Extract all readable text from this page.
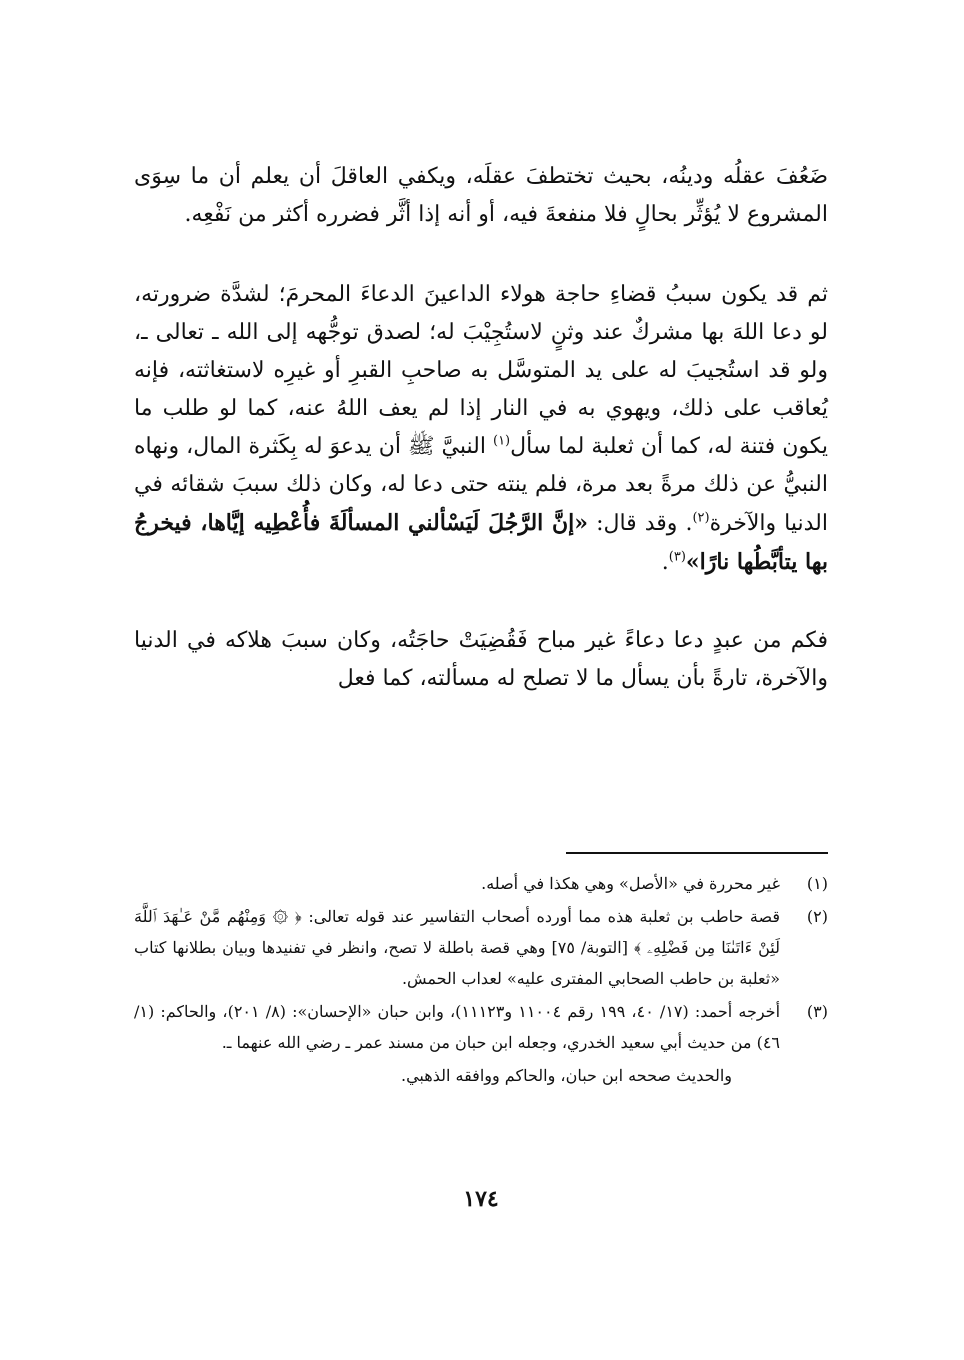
ضَعُفَ عقلُه ودينُه، بحيث تختطفَ عقلَه، ويكفي العاقلَ أن يعلم أن ما سِوَى المشروع لا يُؤثِّر بحالٍ فلا منفعةَ فيه، أو أنه إذا أثَّر فضرره أكثر من نَفْعِه.

ثم قد يكون سببُ قضاءِ حاجة هولاء الداعينَ الدعاءَ المحرمَ؛ لشدَّة ضرورته، لو دعا اللهَ بها مشركٌ عند وثنٍ لاستُجِيْبَ له؛ لصدق توجُّهه إلى الله ـ تعالى ـ، ولو قد استُجيبَ له على يد المتوسَّل به صاحبِ القبرِ أو غيرِه لاستغاثته، فإنه يُعاقب على ذلك، ويهوي به في النار إذا لم يعف اللهُ عنه، كما لو طلب ما يكون فتنة له، كما أن ثعلبة لما سأل$^{(١)}$ النبيَّ ﷺ أن يدعوَ له بِكَثرة المال، ونهاه النبيُّ عن ذلك مرةً بعد مرة، فلم ينته حتى دعا له، وكان ذلك سببَ شقائه في الدنيا والآخرة$^{(٢)}$. وقد قال: «إنَّ الرَّجُلَ لَيَسْألني المسألَةَ فأُعْطِيه إيَّاها، فيخرجُ بها يتأبَّطُها نارًا»$^{(٣)}$.

فكم من عبدٍ دعا دعاءً غير مباح فَقُضِيَتْ حاجَتُه، وكان سببَ هلاكه في الدنيا والآخرة، تارةً بأن يسأل ما لا تصلح له مسألته، كما فعل

(١)
غير محررة في «الأصل» وهي هكذا في أصله.
(٢)
قصة حاطب بن ثعلبة هذه مما أورده أصحاب التفاسير عند قوله تعالى: ﴿ ۞ وَمِنْهُم مَّنْ عَـٰهَدَ ٱللَّهَ لَئِنْ ءَاتَىٰنَا مِن فَضْلِهِۦ ﴾ [التوبة/ ٧٥] وهي قصة باطلة لا تصح، وانظر في تفنيدها وبيان بطلانها كتاب «ثعلبة بن حاطب الصحابي المفترى عليه» لعداب الحمش.
(٣)
أخرجه أحمد: (١٧/ ٤٠، ١٩٩ رقم ١١٠٠٤ و١١١٢٣)، وابن حبان «الإحسان»: (٨/ ٢٠١)، والحاكم: (١/ ٤٦) من حديث أبي سعيد الخدري، وجعله ابن حبان من مسند عمر ـ رضي الله عنهما ـ.
والحديث صححه ابن حبان، والحاكم ووافقه الذهبي.
١٧٤
